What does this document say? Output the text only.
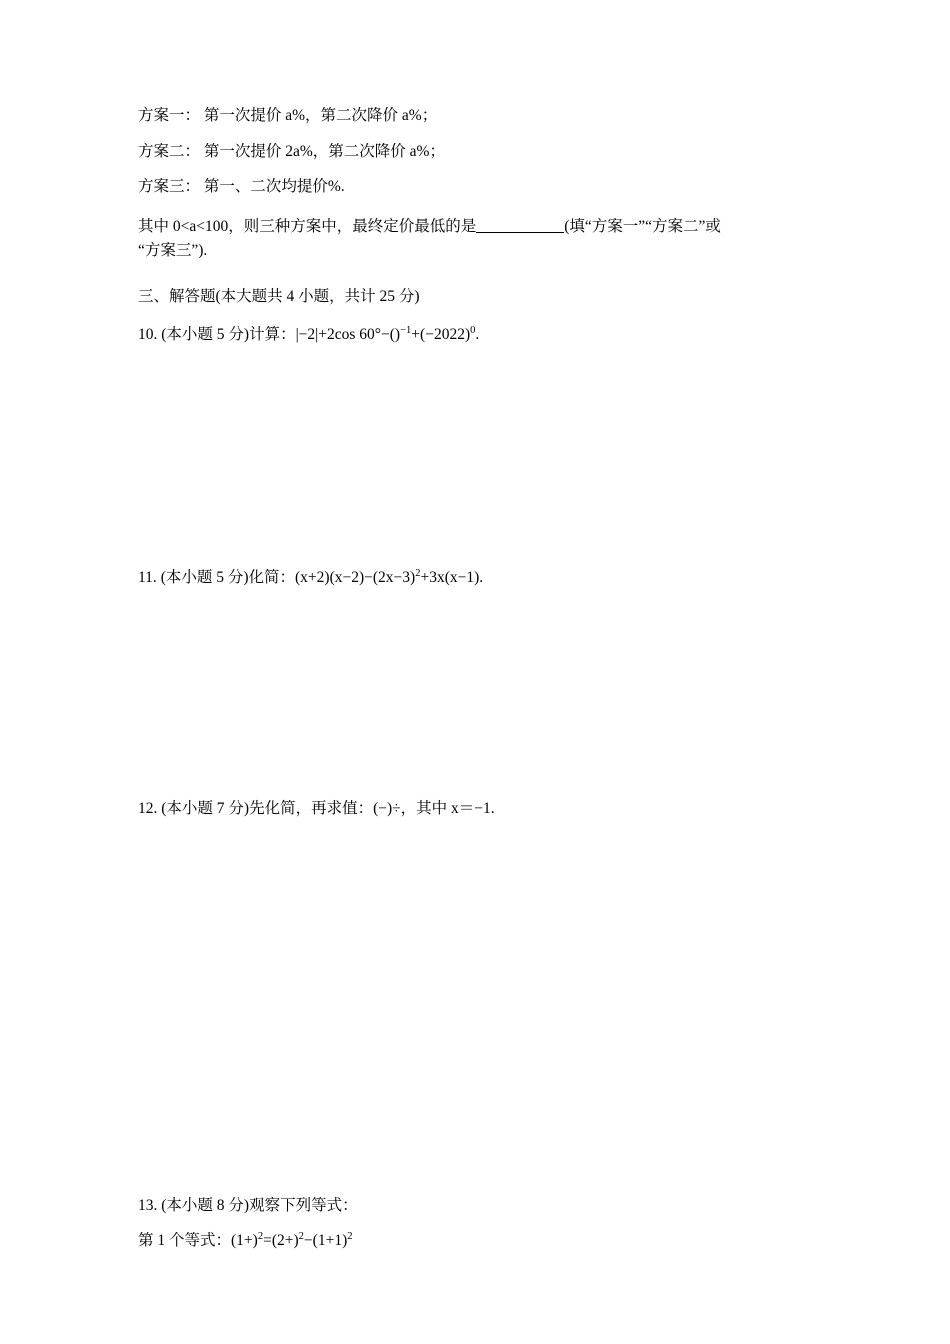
方案一： 第一次提价 a%，第二次降价 a%；

方案二： 第一次提价 2a%，第二次降价 a%；

方案三： 第一、二次均提价%.

其中 0<a<100，则三种方案中，最终定价最低的是	(填“方案一”“方案二”或
“方案三”).

三、解答题(本大题共 4 小题，共计 25 分)

10. (本小题 5 分)计算：|−2|+2cos $60^\circ-()^{-1}+(-2022)^0$.

11. (本小题 5 分)化简：$(x+2)(x-2)-(2x-3)^2+3x(x-1)$.

12. (本小题 7 分)先化简，再求值：(−)÷，其中 x＝−1.

13. (本小题 8 分)观察下列等式：

第 1 个等式：$(1+)^2=(2+)^2-(1+1)^2$
